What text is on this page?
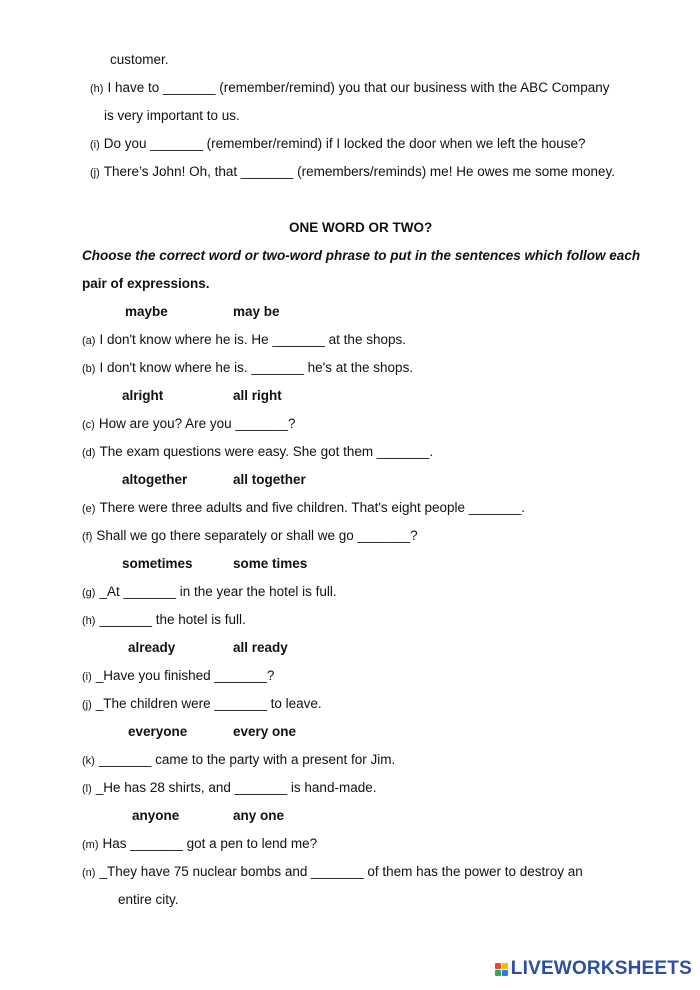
customer.
(h) I have to _______ (remember/remind) you that our business with the ABC Company
is very important to us.
(i) Do you _______ (remember/remind) if I locked the door when we left the house?
(j) There’s John! Oh, that _______ (remembers/reminds) me! He owes me some money.
ONE WORD OR TWO?
Choose the correct word or two-word phrase to put in the sentences which follow each
pair of expressions.
maybe	may be
(a) I don't know where he is. He _______ at the shops.
(b) I don't know where he is. _______ he's at the shops.
alright	all right
(c) How are you? Are you _______?
(d) The exam questions were easy. She got them _______.
altogether	all together
(e) There were three adults and five children. That's eight people _______.
(f) Shall we go there separately or shall we go _______?
sometimes	some times
(g) _At _______ in the year the hotel is full.
(h) _______ the hotel is full.
already	all ready
(i) _Have you finished _______?
(j) _The children were _______ to leave.
everyone	every one
(k) _______ came to the party with a present for Jim.
(l) _He has 28 shirts, and _______ is hand-made.
anyone	any one
(m) Has _______ got a pen to lend me?
(n) _They have 75 nuclear bombs and _______ of them has the power to destroy an
entire city.
LIVEWORKSHEETS
